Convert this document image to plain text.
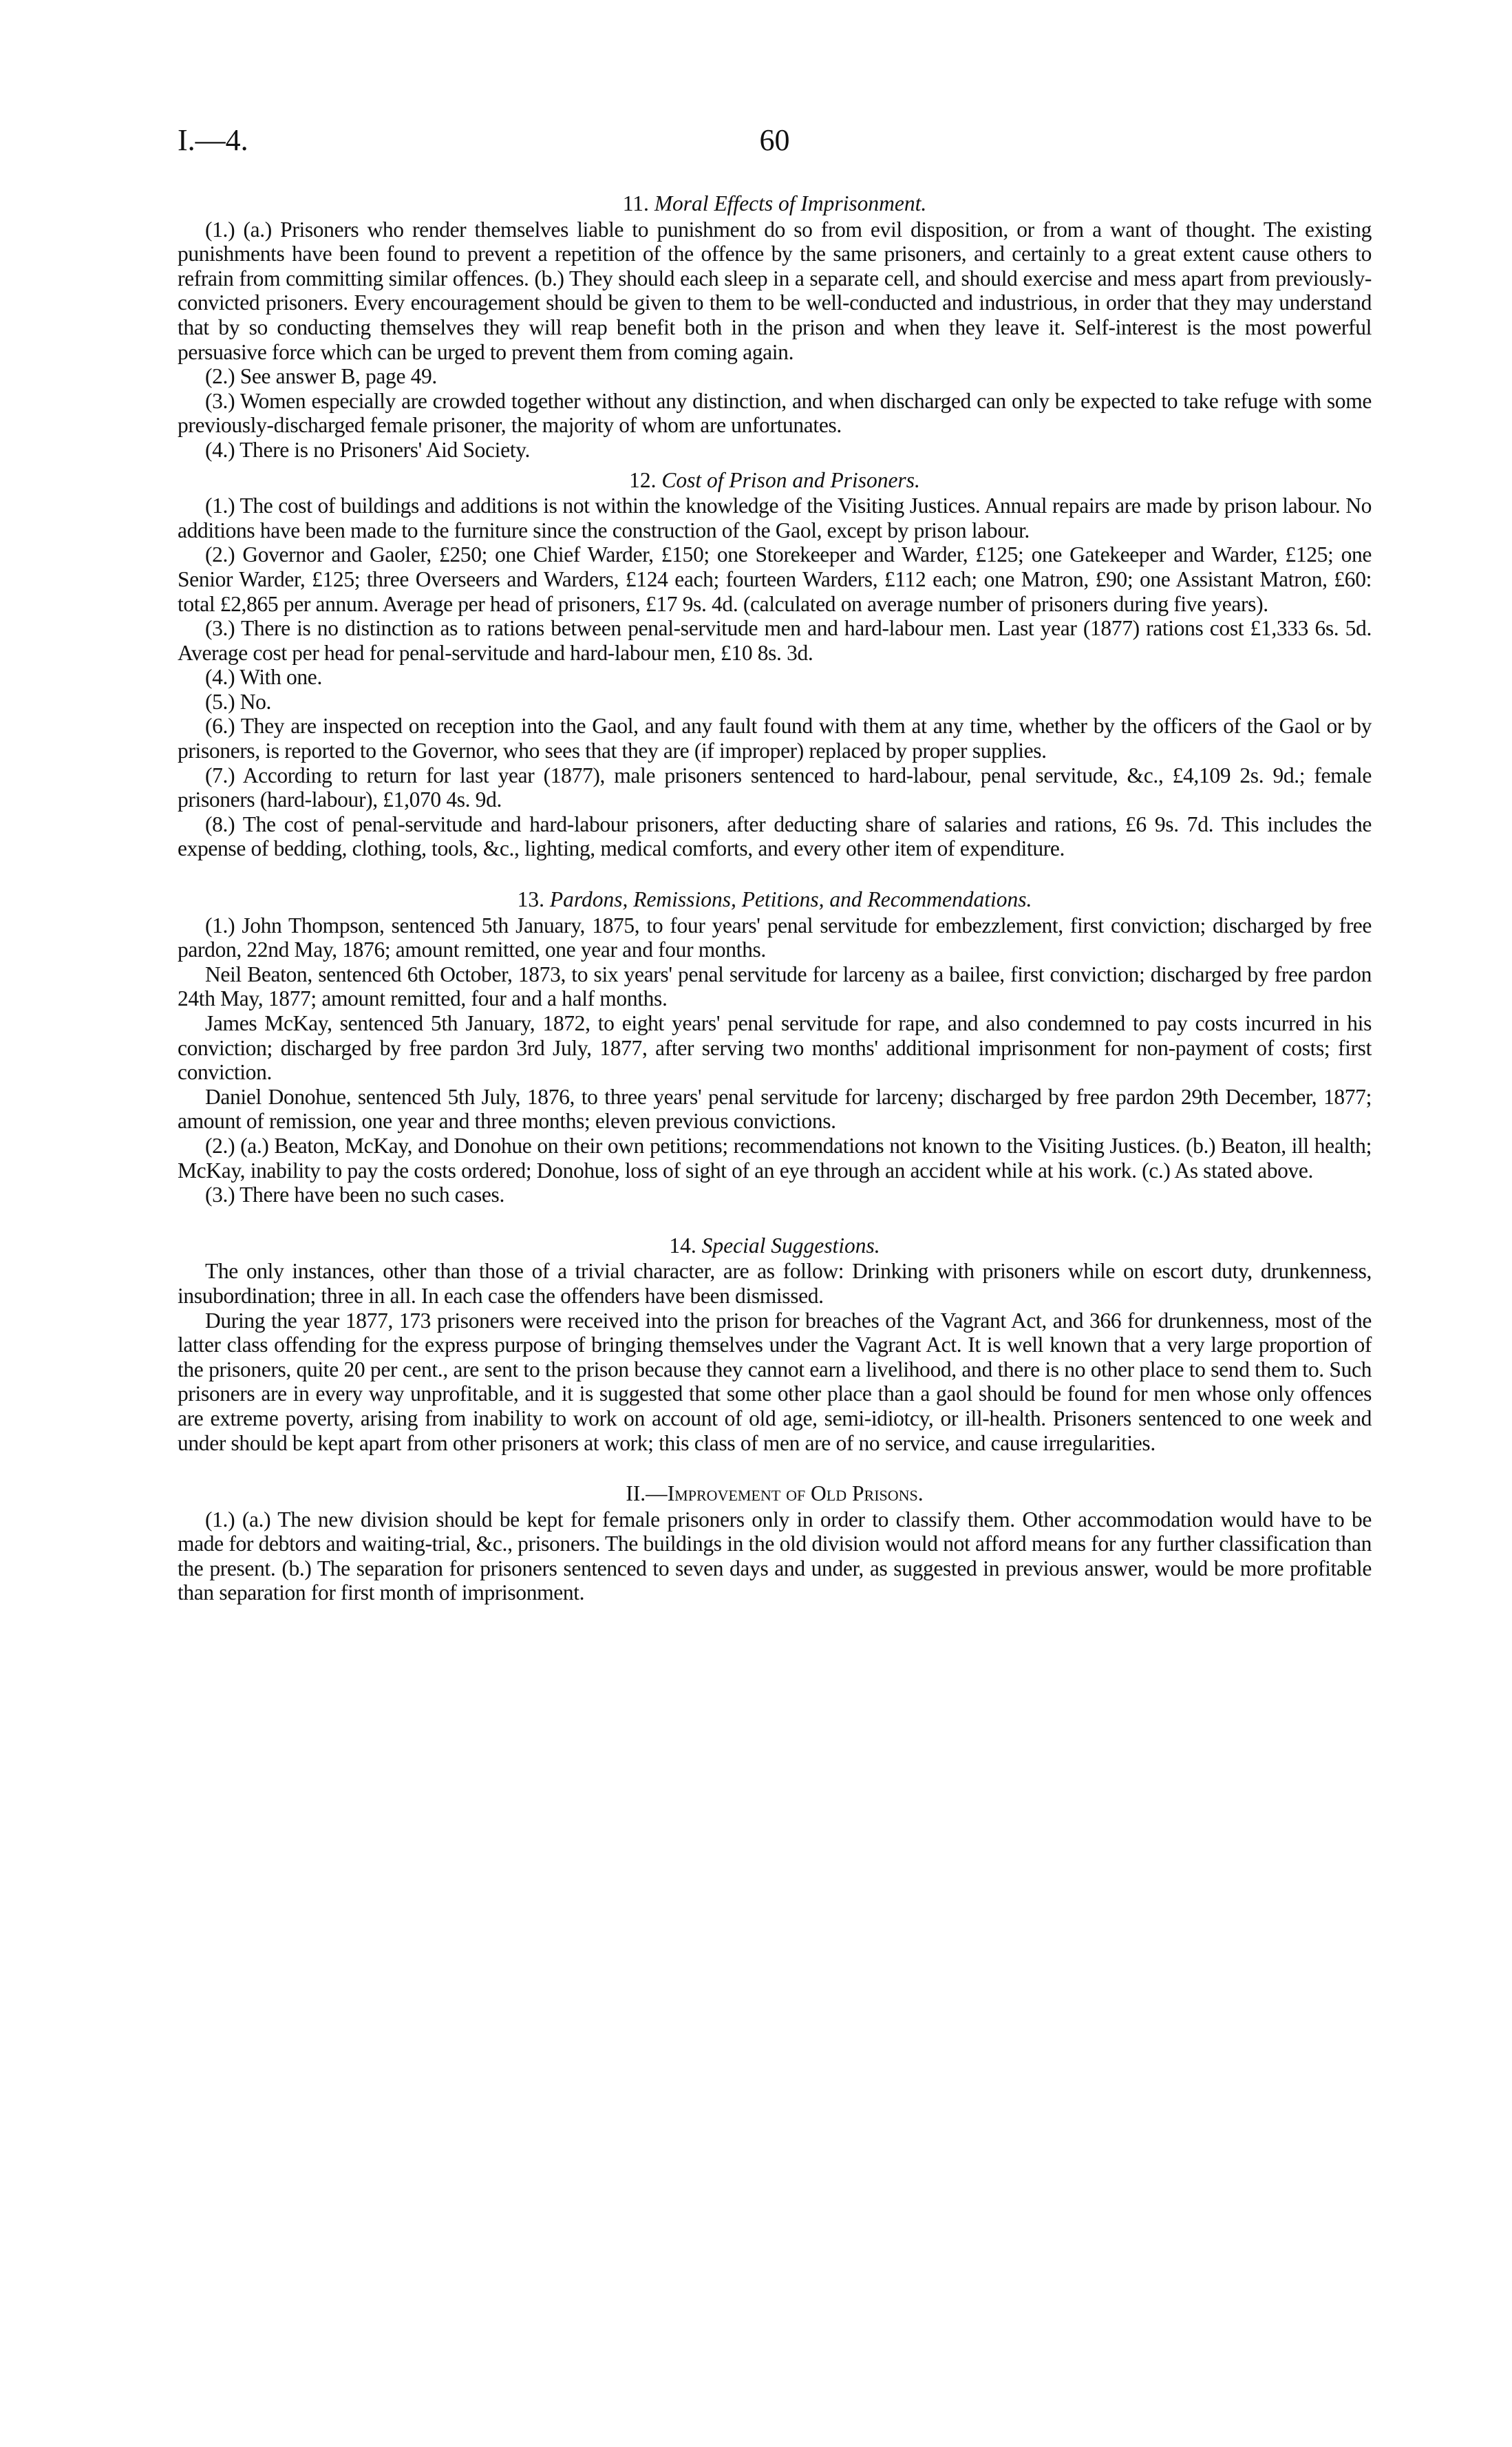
I.—4.	60
11. Moral Effects of Imprisonment.

(1.) (a.) Prisoners who render themselves liable to punishment do so from evil disposition, or from a want of thought. The existing punishments have been found to prevent a repetition of the offence by the same prisoners, and certainly to a great extent cause others to refrain from committing similar offences. (b.) They should each sleep in a separate cell, and should exercise and mess apart from previously-convicted prisoners. Every encouragement should be given to them to be well-conducted and industrious, in order that they may understand that by so conducting themselves they will reap benefit both in the prison and when they leave it. Self-interest is the most powerful persuasive force which can be urged to prevent them from coming again.

(2.) See answer B, page 49.

(3.) Women especially are crowded together without any distinction, and when discharged can only be expected to take refuge with some previously-discharged female prisoner, the majority of whom are unfortunates.

(4.) There is no Prisoners' Aid Society.

12. Cost of Prison and Prisoners.

(1.) The cost of buildings and additions is not within the knowledge of the Visiting Justices. Annual repairs are made by prison labour. No additions have been made to the furniture since the construction of the Gaol, except by prison labour.

(2.) Governor and Gaoler, £250; one Chief Warder, £150; one Storekeeper and Warder, £125; one Gatekeeper and Warder, £125; one Senior Warder, £125; three Overseers and Warders, £124 each; fourteen Warders, £112 each; one Matron, £90; one Assistant Matron, £60: total £2,865 per annum. Average per head of prisoners, £17 9s. 4d. (calculated on average number of prisoners during five years).

(3.) There is no distinction as to rations between penal-servitude men and hard-labour men. Last year (1877) rations cost £1,333 6s. 5d. Average cost per head for penal-servitude and hard-labour men, £10 8s. 3d.

(4.) With one.

(5.) No.

(6.) They are inspected on reception into the Gaol, and any fault found with them at any time, whether by the officers of the Gaol or by prisoners, is reported to the Governor, who sees that they are (if improper) replaced by proper supplies.

(7.) According to return for last year (1877), male prisoners sentenced to hard-labour, penal servitude, &c., £4,109 2s. 9d.; female prisoners (hard-labour), £1,070 4s. 9d.

(8.) The cost of penal-servitude and hard-labour prisoners, after deducting share of salaries and rations, £6 9s. 7d. This includes the expense of bedding, clothing, tools, &c., lighting, medical comforts, and every other item of expenditure.

13. Pardons, Remissions, Petitions, and Recommendations.

(1.) John Thompson, sentenced 5th January, 1875, to four years' penal servitude for embezzlement, first conviction; discharged by free pardon, 22nd May, 1876; amount remitted, one year and four months.

Neil Beaton, sentenced 6th October, 1873, to six years' penal servitude for larceny as a bailee, first conviction; discharged by free pardon 24th May, 1877; amount remitted, four and a half months.

James McKay, sentenced 5th January, 1872, to eight years' penal servitude for rape, and also condemned to pay costs incurred in his conviction; discharged by free pardon 3rd July, 1877, after serving two months' additional imprisonment for non-payment of costs; first conviction.

Daniel Donohue, sentenced 5th July, 1876, to three years' penal servitude for larceny; discharged by free pardon 29th December, 1877; amount of remission, one year and three months; eleven previous convictions.

(2.) (a.) Beaton, McKay, and Donohue on their own petitions; recommendations not known to the Visiting Justices. (b.) Beaton, ill health; McKay, inability to pay the costs ordered; Donohue, loss of sight of an eye through an accident while at his work. (c.) As stated above.

(3.) There have been no such cases.

14. Special Suggestions.

The only instances, other than those of a trivial character, are as follow: Drinking with prisoners while on escort duty, drunkenness, insubordination; three in all. In each case the offenders have been dismissed.

During the year 1877, 173 prisoners were received into the prison for breaches of the Vagrant Act, and 366 for drunkenness, most of the latter class offending for the express purpose of bringing themselves under the Vagrant Act. It is well known that a very large proportion of the prisoners, quite 20 per cent., are sent to the prison because they cannot earn a livelihood, and there is no other place to send them to. Such prisoners are in every way unprofitable, and it is suggested that some other place than a gaol should be found for men whose only offences are extreme poverty, arising from inability to work on account of old age, semi-idiotcy, or ill-health. Prisoners sentenced to one week and under should be kept apart from other prisoners at work; this class of men are of no service, and cause irregularities.

II.—Improvement of Old Prisons.

(1.) (a.) The new division should be kept for female prisoners only in order to classify them. Other accommodation would have to be made for debtors and waiting-trial, &c., prisoners. The buildings in the old division would not afford means for any further classification than the present. (b.) The separation for prisoners sentenced to seven days and under, as suggested in previous answer, would be more profitable than separation for first month of imprisonment.
